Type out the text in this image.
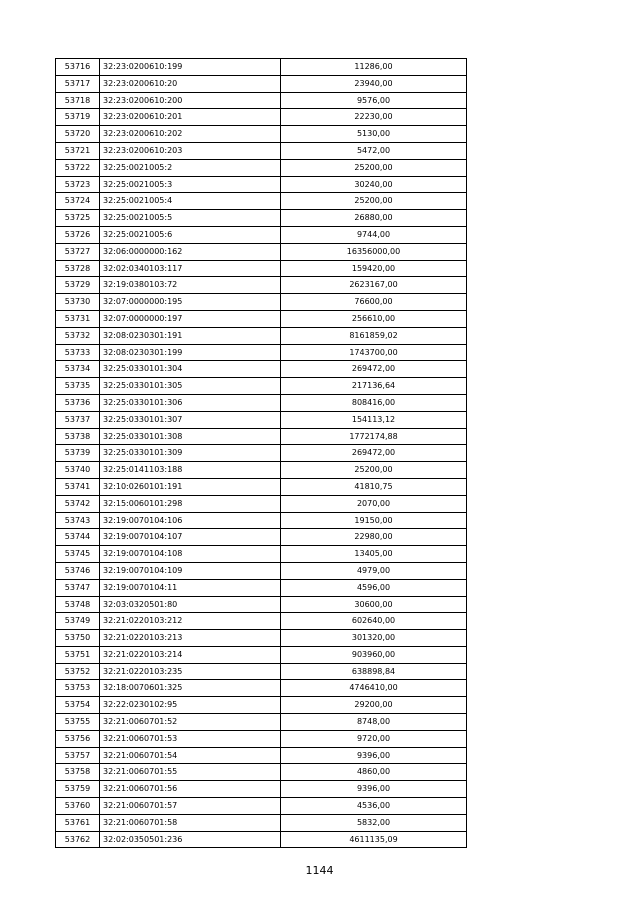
53716	32:23:0200610:199	11286,00
53717	32:23:0200610:20	23940,00
53718	32:23:0200610:200	9576,00
53719	32:23:0200610:201	22230,00
53720	32:23:0200610:202	5130,00
53721	32:23:0200610:203	5472,00
53722	32:25:0021005:2	25200,00
53723	32:25:0021005:3	30240,00
53724	32:25:0021005:4	25200,00
53725	32:25:0021005:5	26880,00
53726	32:25:0021005:6	9744,00
53727	32:06:0000000:162	16356000,00
53728	32:02:0340103:117	159420,00
53729	32:19:0380103:72	2623167,00
53730	32:07:0000000:195	76600,00
53731	32:07:0000000:197	256610,00
53732	32:08:0230301:191	8161859,02
53733	32:08:0230301:199	1743700,00
53734	32:25:0330101:304	269472,00
53735	32:25:0330101:305	217136,64
53736	32:25:0330101:306	808416,00
53737	32:25:0330101:307	154113,12
53738	32:25:0330101:308	1772174,88
53739	32:25:0330101:309	269472,00
53740	32:25:0141103:188	25200,00
53741	32:10:0260101:191	41810,75
53742	32:15:0060101:298	2070,00
53743	32:19:0070104:106	19150,00
53744	32:19:0070104:107	22980,00
53745	32:19:0070104:108	13405,00
53746	32:19:0070104:109	4979,00
53747	32:19:0070104:11	4596,00
53748	32:03:0320501:80	30600,00
53749	32:21:0220103:212	602640,00
53750	32:21:0220103:213	301320,00
53751	32:21:0220103:214	903960,00
53752	32:21:0220103:235	638898,84
53753	32:18:0070601:325	4746410,00
53754	32:22:0230102:95	29200,00
53755	32:21:0060701:52	8748,00
53756	32:21:0060701:53	9720,00
53757	32:21:0060701:54	9396,00
53758	32:21:0060701:55	4860,00
53759	32:21:0060701:56	9396,00
53760	32:21:0060701:57	4536,00
53761	32:21:0060701:58	5832,00
53762	32:02:0350501:236	4611135,09
1144
